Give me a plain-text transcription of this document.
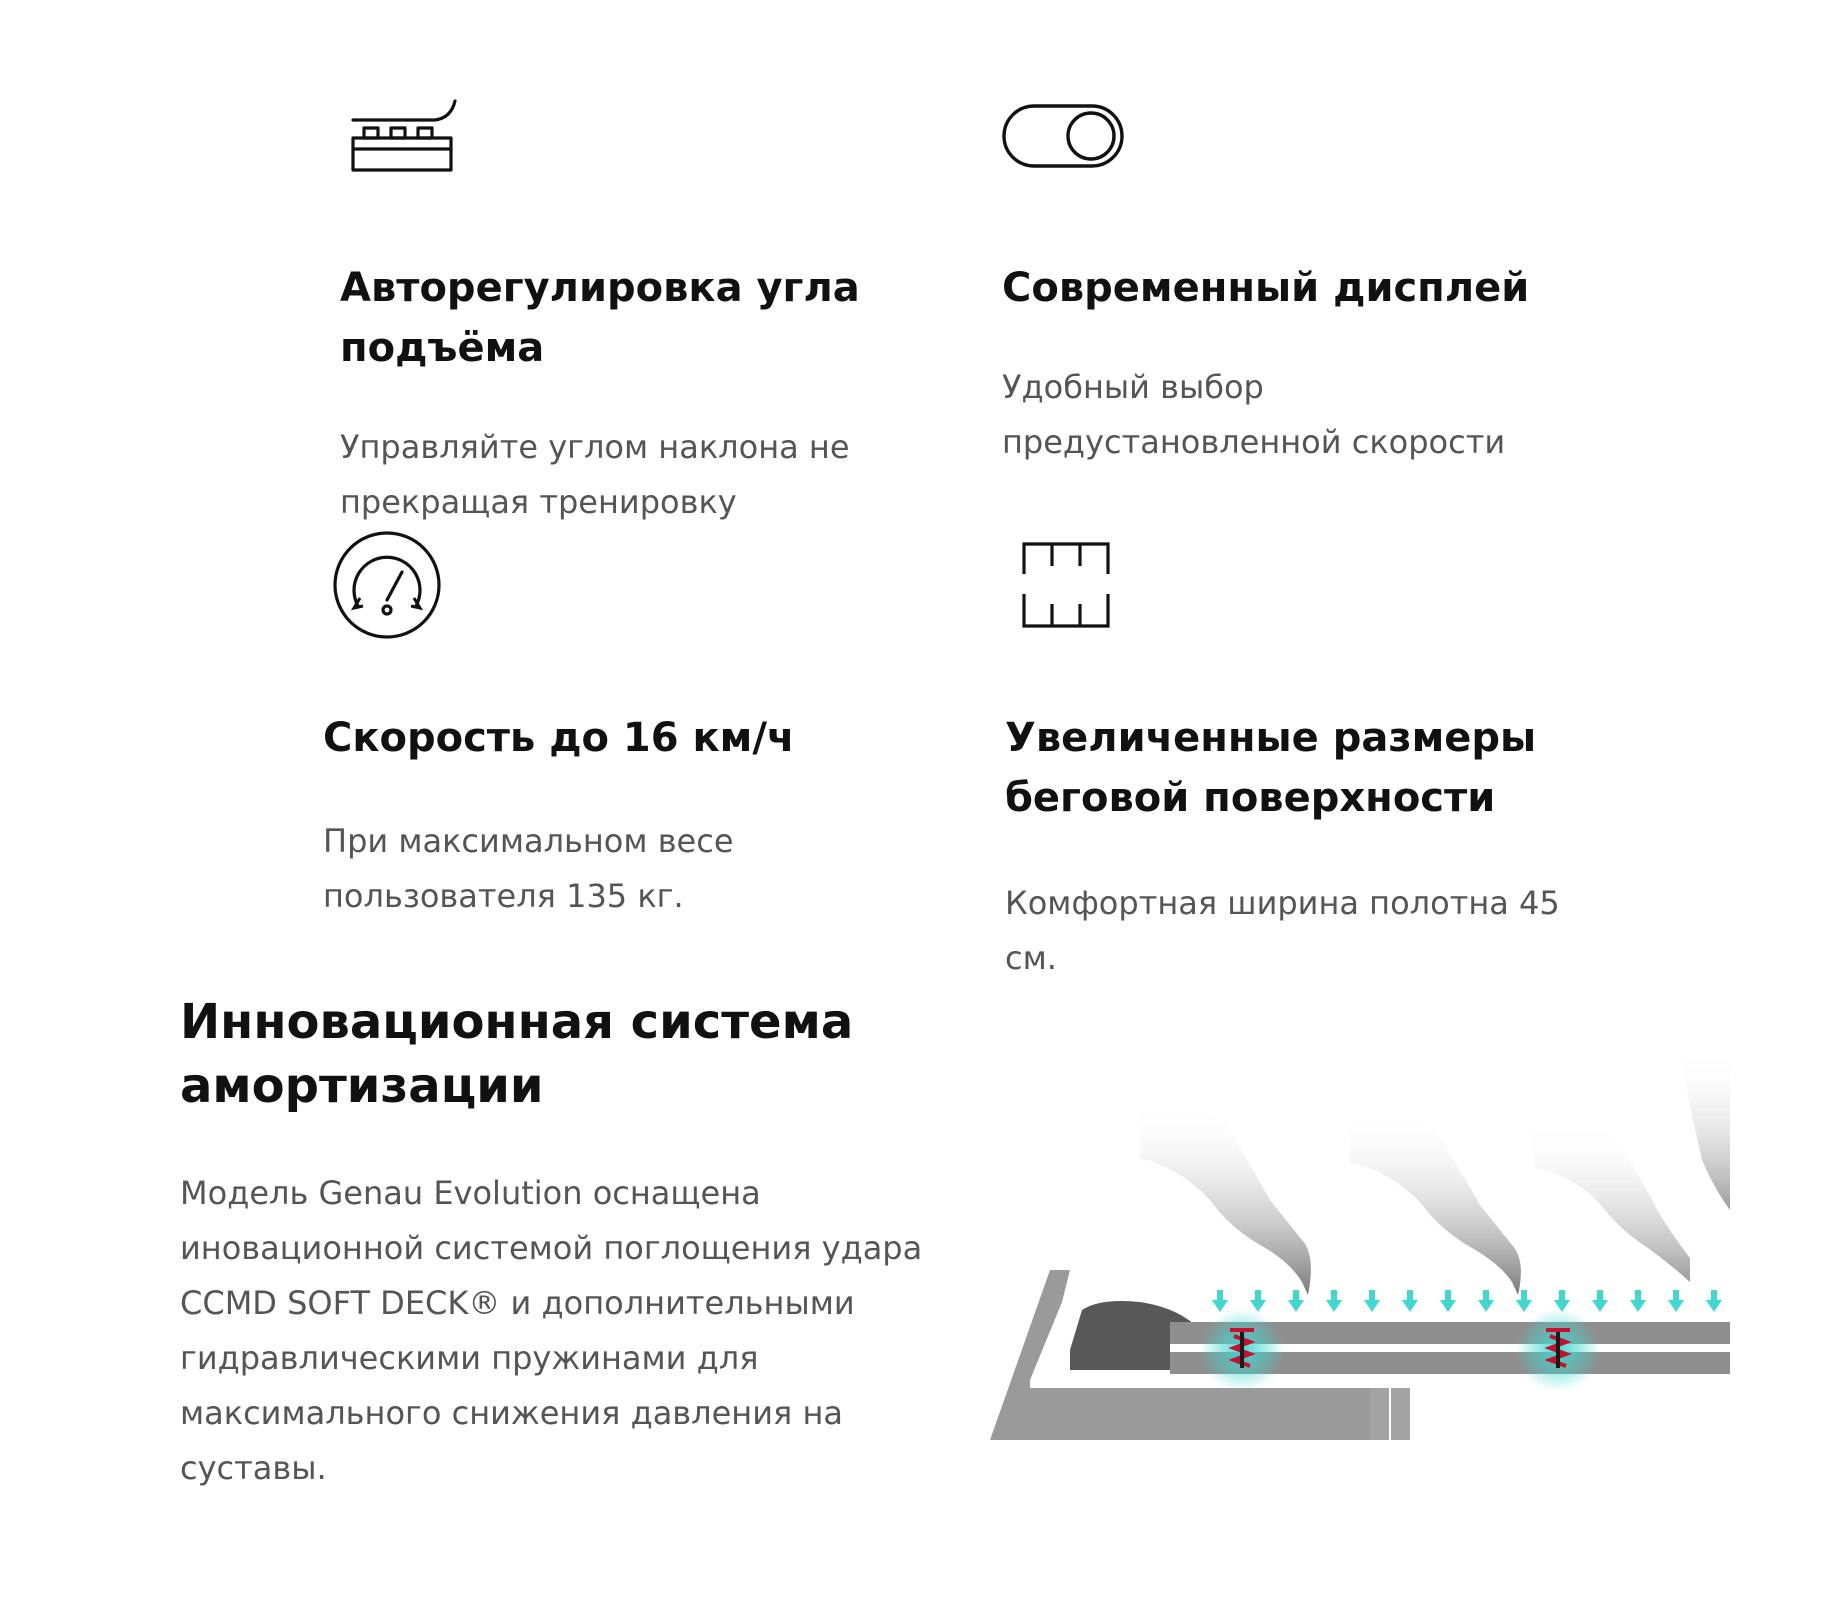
Авторегулировка угла подъёма

Управляйте углом наклона не прекращая тренировку

Современный дисплей

Удобный выбор предустановленной скорости

Скорость до 16 км/ч

При максимальном весе пользователя 135 кг.

Увеличенные размеры беговой поверхности

Комфортная ширина полотна 45 см.

Инновационная система амортизации

Модель Genau Evolution оснащена иновационной системой поглощения удара CCMD SOFT DECK® и дополнительными гидравлическими пружинами для максимального снижения давления на суставы.
